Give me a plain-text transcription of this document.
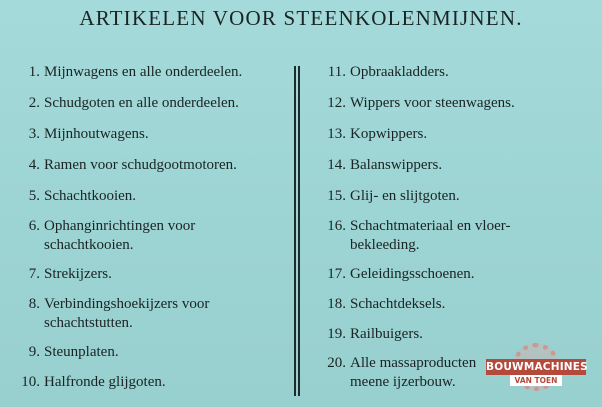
ARTIKELEN VOOR STEENKOLENMIJNEN.
1. Mijnwagens en alle onderdeelen.
2. Schudgoten en alle onderdeelen.
3. Mijnhoutwagens.
4. Ramen voor schudgootmotoren.
5. Schachtkooien.
6. Ophanginrichtingen voor
schachtkooien.
7. Strekijzers.
8. Verbindingshoekijzers voor
schachtstutten.
9. Steunplaten.
10. Halfronde glijgoten.
11. Opbraakladders.
12. Wippers voor steenwagens.
13. Kopwippers.
14. Balanswippers.
15. Glij- en slijtgoten.
16. Schachtmateriaal en vloer-
bekleeding.
17. Geleidingsschoenen.
18. Schachtdeksels.
19. Railbuigers.
20. Alle massaproducten
meene ijzerbouw.
BOUWMACHINES
VAN TOEN
